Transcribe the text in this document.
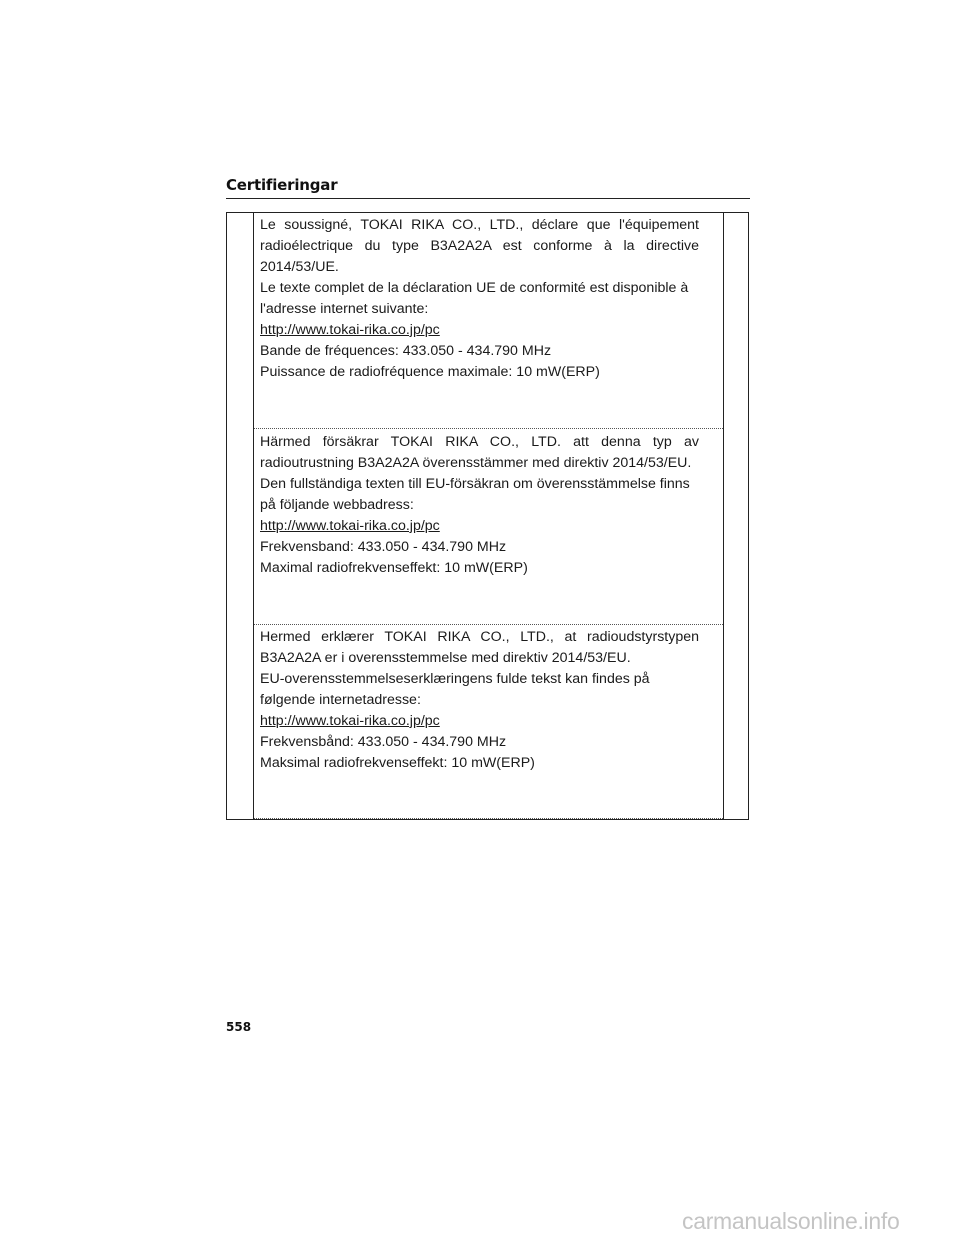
Certifieringar

Le soussigné, TOKAI RIKA CO., LTD., déclare que l'équipement radioélectrique du type B3A2A2A est conforme à la directive 2014/53/UE.

Le texte complet de la déclaration UE de conformité est disponible à

l'adresse internet suivante:

http://www.tokai-rika.co.jp/pc

Bande de fréquences: 433.050 - 434.790 MHz

Puissance de radiofréquence maximale: 10 mW(ERP)

Härmed försäkrar TOKAI RIKA CO., LTD. att denna typ av radioutrustning B3A2A2A överensstämmer med direktiv 2014/53/EU.

Den fullständiga texten till EU-försäkran om överensstämmelse finns

på följande webbadress:

http://www.tokai-rika.co.jp/pc

Frekvensband: 433.050 - 434.790 MHz

Maximal radiofrekvenseffekt: 10 mW(ERP)

Hermed erklærer TOKAI RIKA CO., LTD., at radioudstyrstypen B3A2A2A er i overensstemmelse med direktiv 2014/53/EU.

EU-overensstemmelseserklæringens fulde tekst kan findes på

følgende internetadresse:

http://www.tokai-rika.co.jp/pc

Frekvensbånd: 433.050 - 434.790 MHz

Maksimal radiofrekvenseffekt: 10 mW(ERP)

558
carmanualsonline.info
